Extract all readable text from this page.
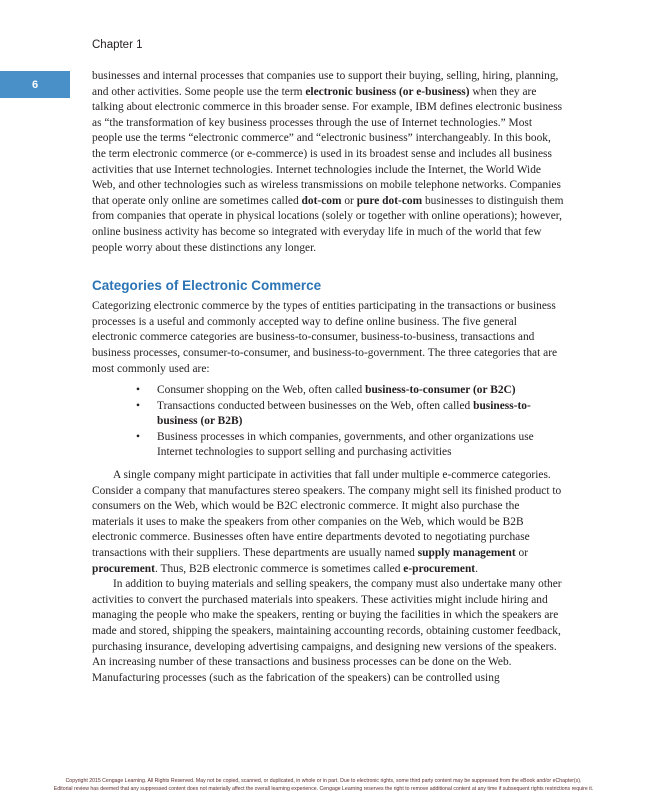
Chapter 1
6

businesses and internal processes that companies use to support their buying, selling, hiring, planning, and other activities. Some people use the term electronic business (or e-business) when they are talking about electronic commerce in this broader sense. For example, IBM defines electronic business as “the transformation of key business processes through the use of Internet technologies.” Most people use the terms “electronic commerce” and “electronic business” interchangeably. In this book, the term electronic commerce (or e-commerce) is used in its broadest sense and includes all business activities that use Internet technologies. Internet technologies include the Internet, the World Wide Web, and other technologies such as wireless transmissions on mobile telephone networks. Companies that operate only online are sometimes called dot-com or pure dot-com businesses to distinguish them from companies that operate in physical locations (solely or together with online operations); however, online business activity has become so integrated with everyday life in much of the world that few people worry about these distinctions any longer.

Categories of Electronic Commerce

Categorizing electronic commerce by the types of entities participating in the transactions or business processes is a useful and commonly accepted way to define online business. The five general electronic commerce categories are business-to-consumer, business-to-business, transactions and business processes, consumer-to-consumer, and business-to-government. The three categories that are most commonly used are:

• Consumer shopping on the Web, often called business-to-consumer (or B2C)
• Transactions conducted between businesses on the Web, often called business-to-business (or B2B)
• Business processes in which companies, governments, and other organizations use Internet technologies to support selling and purchasing activities

A single company might participate in activities that fall under multiple e-commerce categories. Consider a company that manufactures stereo speakers. The company might sell its finished product to consumers on the Web, which would be B2C electronic commerce. It might also purchase the materials it uses to make the speakers from other companies on the Web, which would be B2B electronic commerce. Businesses often have entire departments devoted to negotiating purchase transactions with their suppliers. These departments are usually named supply management or procurement. Thus, B2B electronic commerce is sometimes called e-procurement.

In addition to buying materials and selling speakers, the company must also undertake many other activities to convert the purchased materials into speakers. These activities might include hiring and managing the people who make the speakers, renting or buying the facilities in which the speakers are made and stored, shipping the speakers, maintaining accounting records, obtaining customer feedback, purchasing insurance, developing advertising campaigns, and designing new versions of the speakers. An increasing number of these transactions and business processes can be done on the Web. Manufacturing processes (such as the fabrication of the speakers) can be controlled using

Copyright 2015 Cengage Learning. All Rights Reserved. May not be copied, scanned, or duplicated, in whole or in part. Due to electronic rights, some third party content may be suppressed from the eBook and/or eChapter(s).
Editorial review has deemed that any suppressed content does not materially affect the overall learning experience. Cengage Learning reserves the right to remove additional content at any time if subsequent rights restrictions require it.
